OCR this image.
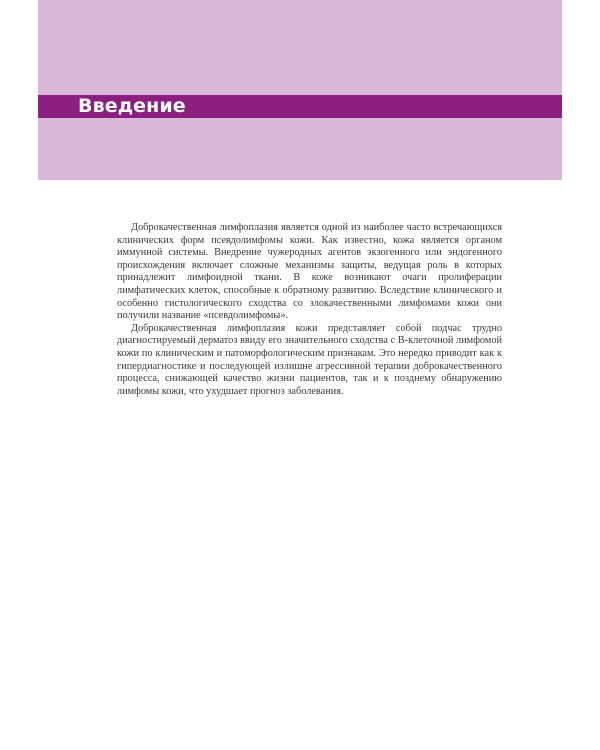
Введение

Доброкачественная лимфоплазия является одной из наиболее часто встречающихся клинических форм псевдолимфомы кожи. Как известно, кожа является органом иммунной системы. Внедрение чужеродных агентов экзогенного или эндогенного происхождения включает сложные механизмы защиты, ведущая роль в которых принадлежит лимфоидной ткани. В коже возникают очаги пролиферации лимфатических клеток, способные к обратному развитию. Вследствие клинического и особенно гистологического сходства со злокачественными лимфомами кожи они получили название «псевдолимфомы».

Доброкачественная лимфоплазия кожи представляет собой подчас трудно диагностируемый дерматоз ввиду его значительного сходства с В-клеточной лимфомой кожи по клиническим и патоморфологическим признакам. Это нередко приводит как к гипердиагностике и последующей излишне агрессивной терапии доброкачественного процесса, снижающей качество жизни пациентов, так и к позднему обнаружению лимфомы кожи, что ухудшает прогноз заболевания.
